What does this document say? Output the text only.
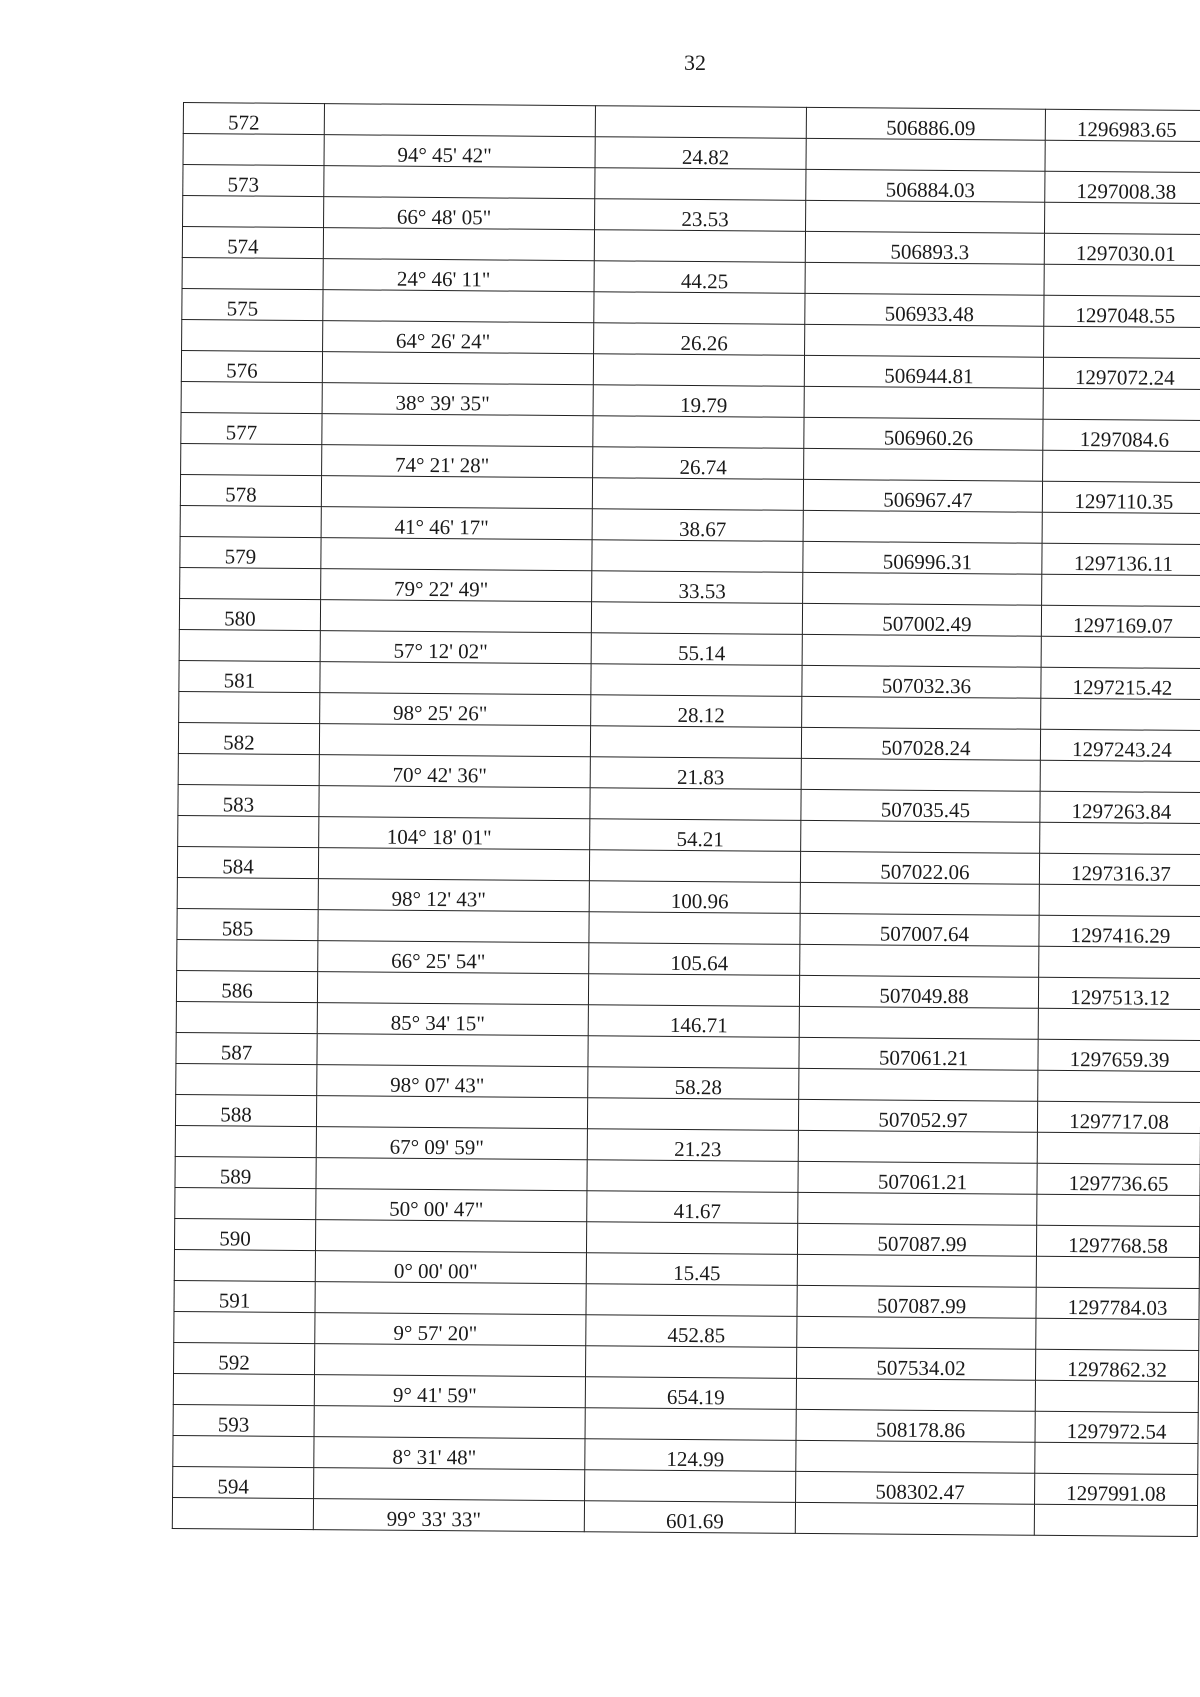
32
572			506886.09	1296983.65
	94° 45' 42"	24.82		
573			506884.03	1297008.38
	66° 48' 05"	23.53		
574			506893.3	1297030.01
	24° 46' 11"	44.25		
575			506933.48	1297048.55
	64° 26' 24"	26.26		
576			506944.81	1297072.24
	38° 39' 35"	19.79		
577			506960.26	1297084.6
	74° 21' 28"	26.74		
578			506967.47	1297110.35
	41° 46' 17"	38.67		
579			506996.31	1297136.11
	79° 22' 49"	33.53		
580			507002.49	1297169.07
	57° 12' 02"	55.14		
581			507032.36	1297215.42
	98° 25' 26"	28.12		
582			507028.24	1297243.24
	70° 42' 36"	21.83		
583			507035.45	1297263.84
	104° 18' 01"	54.21		
584			507022.06	1297316.37
	98° 12' 43"	100.96		
585			507007.64	1297416.29
	66° 25' 54"	105.64		
586			507049.88	1297513.12
	85° 34' 15"	146.71		
587			507061.21	1297659.39
	98° 07' 43"	58.28		
588			507052.97	1297717.08
	67° 09' 59"	21.23		
589			507061.21	1297736.65
	50° 00' 47"	41.67		
590			507087.99	1297768.58
	0° 00' 00"	15.45		
591			507087.99	1297784.03
	9° 57' 20"	452.85		
592			507534.02	1297862.32
	9° 41' 59"	654.19		
593			508178.86	1297972.54
	8° 31' 48"	124.99		
594			508302.47	1297991.08
	99° 33' 33"	601.69		
